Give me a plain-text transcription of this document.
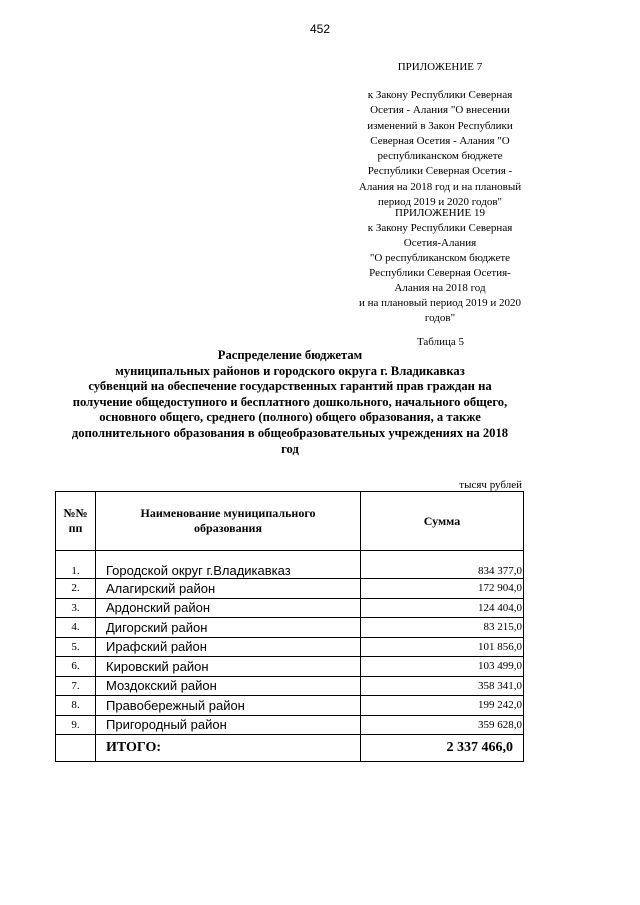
452
ПРИЛОЖЕНИЕ 7
к Закону Республики Северная
Осетия - Алания "О внесении
изменений в Закон Республики
Северная Осетия - Алания "О
республиканском бюджете
Республики Северная Осетия -
Алания на 2018 год и на плановый
период 2019 и 2020 годов"
ПРИЛОЖЕНИЕ 19
к Закону Республики Северная
Осетия-Алания
"О республиканском бюджете
Республики Северная Осетия-
Алания на 2018 год
и на плановый период 2019 и 2020
годов"
Таблица 5
Распределение бюджетам
муниципальных районов и городского округа г. Владикавказ
субвенций на обеспечение государственных гарантий прав граждан на
получение общедоступного и бесплатного дошкольного, начального общего,
основного общего, среднего (полного) общего образования, а также
дополнительного образования в общеобразовательных учреждениях на 2018
год
тысяч рублей
№№ пп	Наименование муниципального образования	Сумма
1.	Городской округ г.Владикавказ	834 377,0
2.	Алагирский район	172 904,0
3.	Ардонский район	124 404,0
4.	Дигорский район	83 215,0
5.	Ирафский район	101 856,0
6.	Кировский район	103 499,0
7.	Моздокский район	358 341,0
8.	Правобережный район	199 242,0
9.	Пригородный район	359 628,0
	ИТОГО:	2 337 466,0
